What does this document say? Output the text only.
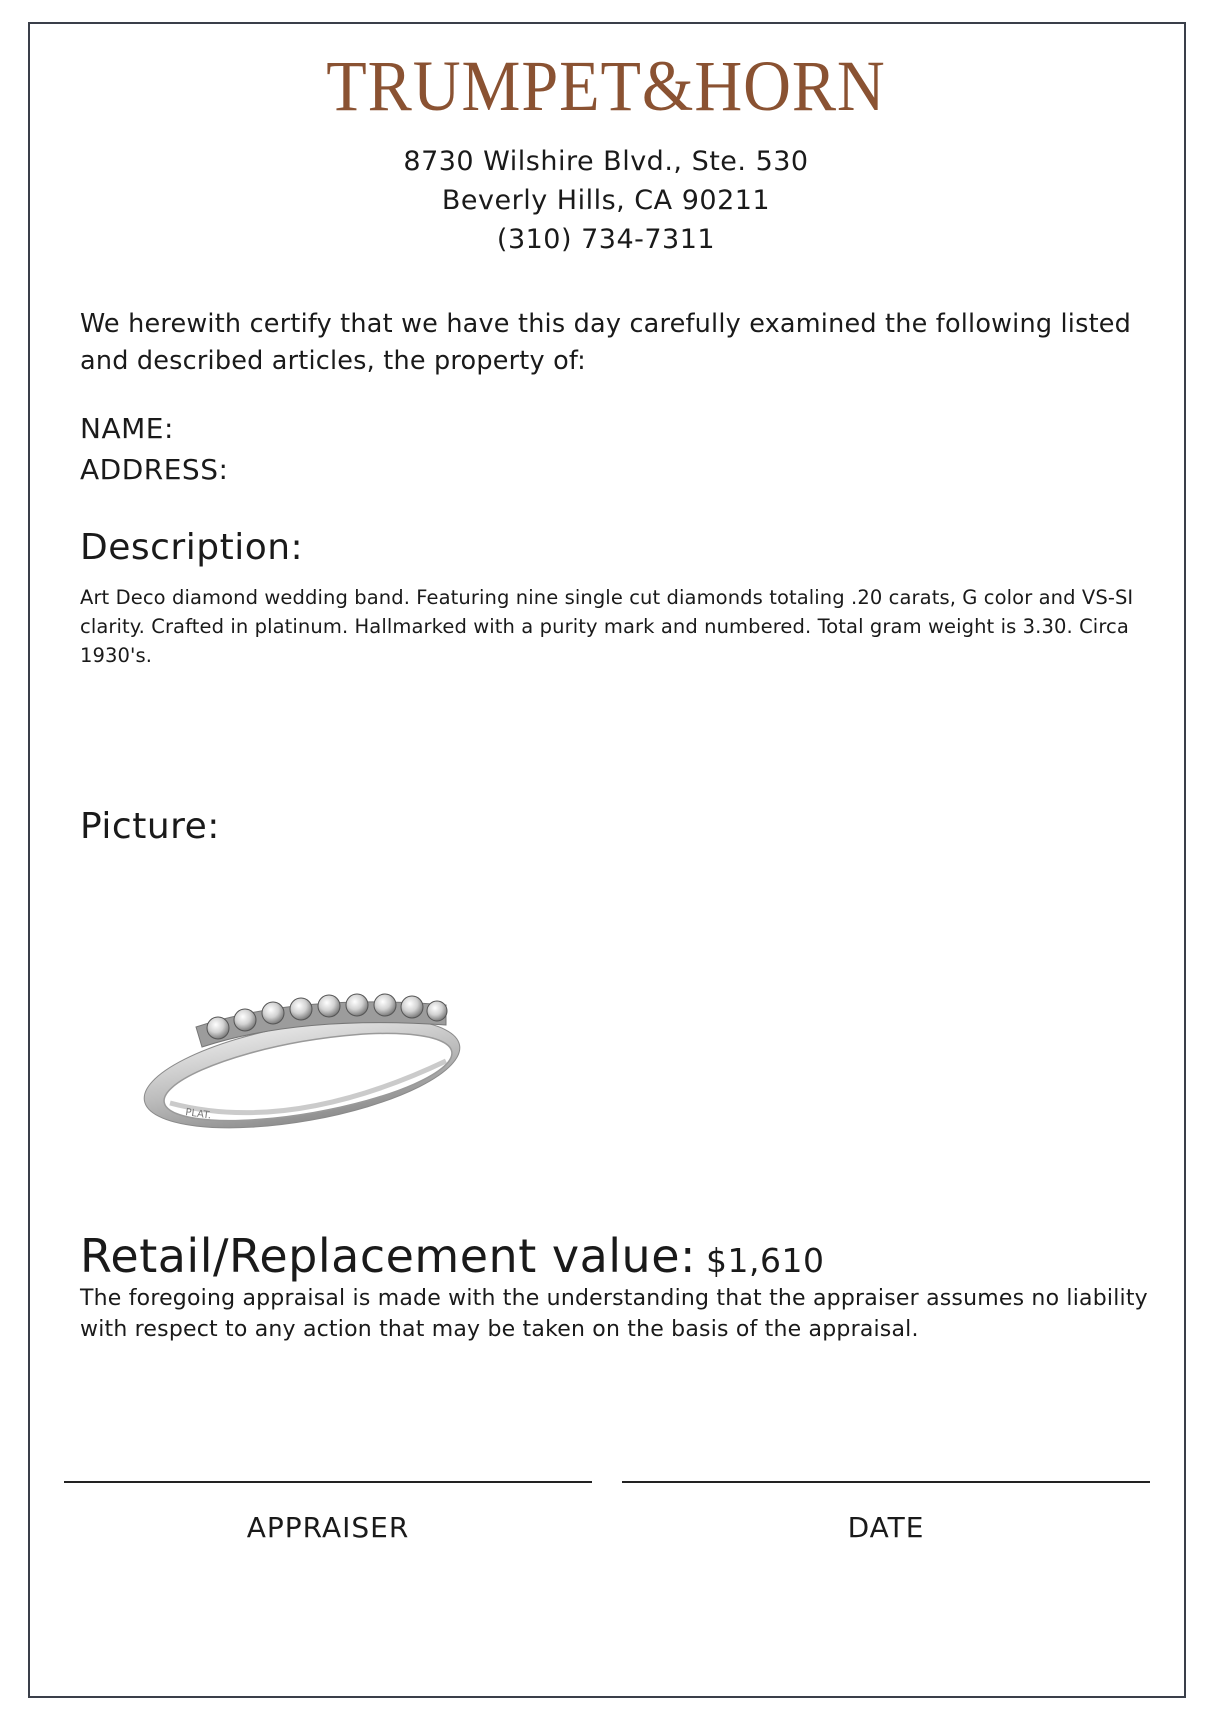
TRUMPET&HORN
8730 Wilshire Blvd., Ste. 530
Beverly Hills, CA 90211
(310) 734-7311
We herewith certify that we have this day carefully examined the following listed and described articles, the property of:
NAME:
ADDRESS:
Description:
Art Deco diamond wedding band. Featuring nine single cut diamonds totaling .20 carats, G color and VS-SI clarity. Crafted in platinum. Hallmarked with a purity mark and numbered. Total gram weight is 3.30. Circa 1930's.
Picture:
PLAT.
Retail/Replacement value: $1,610
The foregoing appraisal is made with the understanding that the appraiser assumes no liability with respect to any action that may be taken on the basis of the appraisal.
APPRAISER	DATE
